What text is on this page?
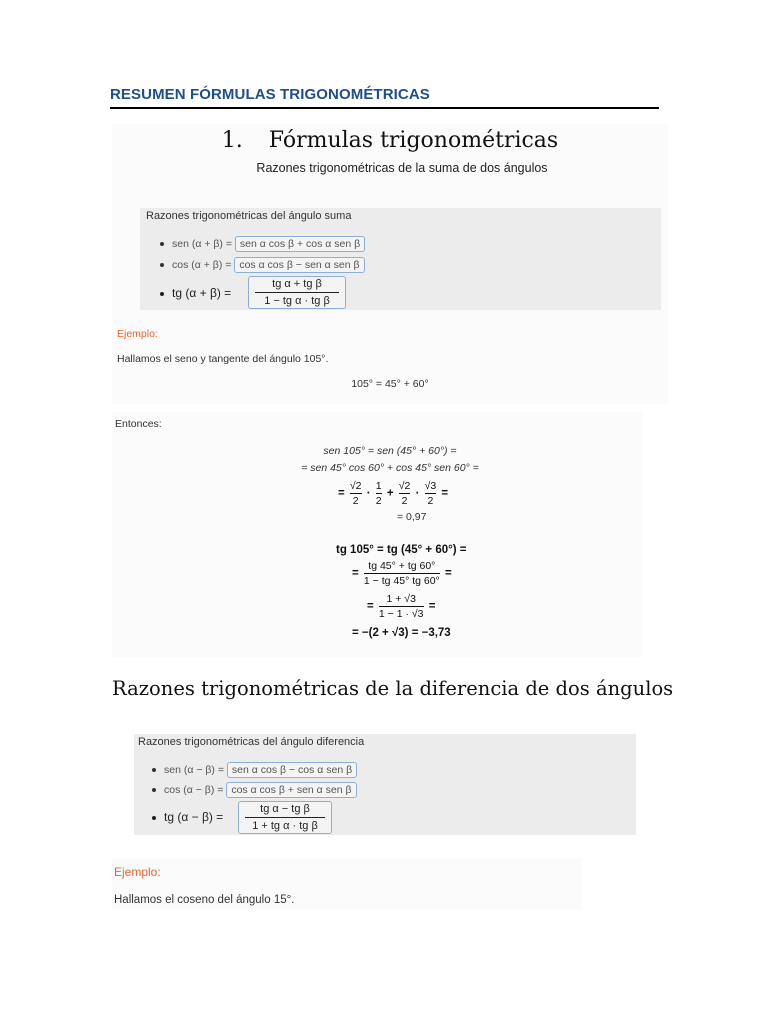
RESUMEN FÓRMULAS TRIGONOMÉTRICAS
1. Fórmulas trigonométricas
Razones trigonométricas de la suma de dos ángulos
Razones trigonométricas del ángulo suma
sen (α + β) = sen α cos β + cos α sen β
cos (α + β) = cos α cos β − sen α sen β
tg (α + β) =
tg α + tg β
1 − tg α · tg β
Ejemplo:
Hallamos el seno y tangente del ángulo 105°.
105° = 45° + 60°
Entonces:
sen 105° = sen (45° + 60°) =
= sen 45° cos 60° + cos 45° sen 60° =
= $\frac{√2}{2} \cdot \frac{1}{2} + \frac{√2}{2} \cdot \frac{√3}{2}$ =
= 0,97
tg 105° = tg (45° + 60°) =
= $\frac{tg 45^\circ + tg 60^\circ}{1 - tg 45^\circ tg 60^\circ}$ =
= $\frac{1 + √3}{1 - 1 \cdot √3}$ =
= −(2 + √3) = −3,73
Razones trigonométricas de la diferencia de dos ángulos
Razones trigonométricas del ángulo diferencia
sen (α − β) = sen α cos β − cos α sen β
cos (α − β) = cos α cos β + sen α sen β
tg (α − β) =
tg α − tg β
1 + tg α · tg β
Ejemplo:
Hallamos el coseno del ángulo 15°.
